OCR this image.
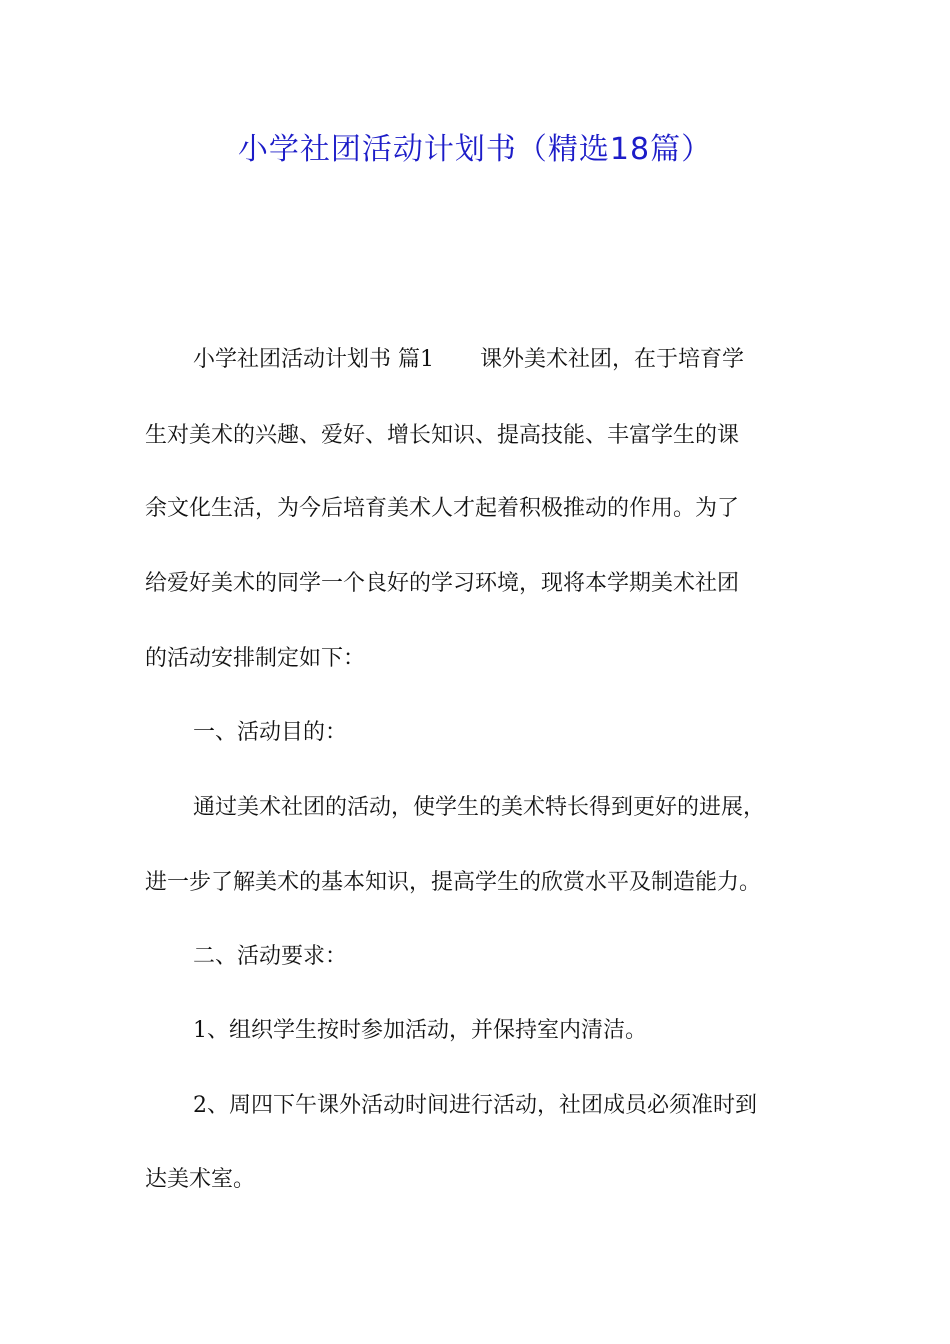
小学社团活动计划书（精选18篇）
小学社团活动计划书 篇1 课外美术社团，在于培育学
生对美术的兴趣、爱好、增长知识、提高技能、丰富学生的课
余文化生活，为今后培育美术人才起着积极推动的作用。为了
给爱好美术的同学一个良好的学习环境，现将本学期美术社团
的活动安排制定如下：
一、活动目的：
通过美术社团的活动，使学生的美术特长得到更好的进展，
进一步了解美术的基本知识，提高学生的欣赏水平及制造能力。
二、活动要求：
1、组织学生按时参加活动，并保持室内清洁。
2、周四下午课外活动时间进行活动，社团成员必须准时到
达美术室。
